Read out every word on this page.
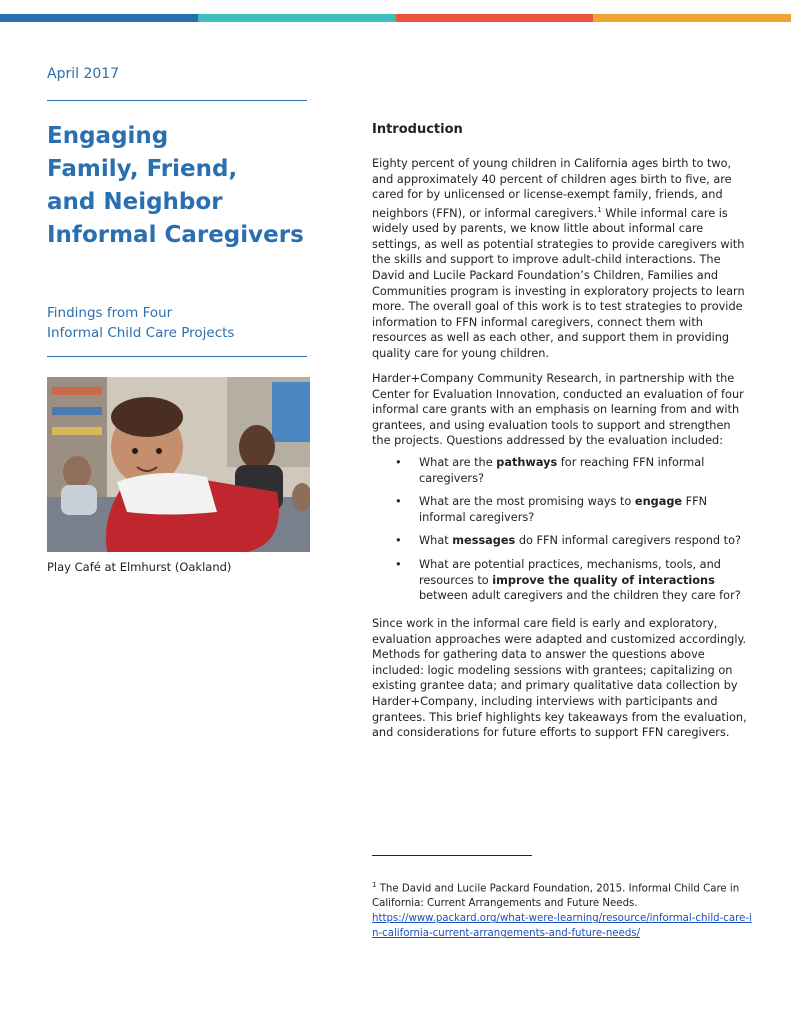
April 2017
Engaging
Family, Friend,
and Neighbor
Informal Caregivers
Findings from Four
Informal Child Care Projects
Play Café at Elmhurst (Oakland)
Introduction
Eighty percent of young children in California ages birth to two, and approximately 40 percent of children ages birth to five, are cared for by unlicensed or license-exempt family, friends, and neighbors (FFN), or informal caregivers.$^1$ While informal care is widely used by parents, we know little about informal care settings, as well as potential strategies to provide caregivers with the skills and support to improve adult-child interactions. The David and Lucile Packard Foundation’s Children, Families and Communities program is investing in exploratory projects to learn more. The overall goal of this work is to test strategies to provide information to FFN informal caregivers, connect them with resources as well as each other, and support them in providing quality care for young children.
Harder+Company Community Research, in partnership with the Center for Evaluation Innovation, conducted an evaluation of four informal care grants with an emphasis on learning from and with grantees, and using evaluation tools to support and strengthen the projects. Questions addressed by the evaluation included:
• What are the pathways for reaching FFN informal caregivers?
• What are the most promising ways to engage FFN informal caregivers?
• What messages do FFN informal caregivers respond to?
• What are potential practices, mechanisms, tools, and resources to improve the quality of interactions between adult caregivers and the children they care for?
Since work in the informal care field is early and exploratory, evaluation approaches were adapted and customized accordingly. Methods for gathering data to answer the questions above included: logic modeling sessions with grantees; capitalizing on existing grantee data; and primary qualitative data collection by Harder+Company, including interviews with participants and grantees. This brief highlights key takeaways from the evaluation, and considerations for future efforts to support FFN caregivers.
$^1$ The David and Lucile Packard Foundation, 2015. Informal Child Care in California: Current Arrangements and Future Needs.
https://www.packard.org/what-were-learning/resource/informal-child-care-in-california-current-arrangements-and-future-needs/
